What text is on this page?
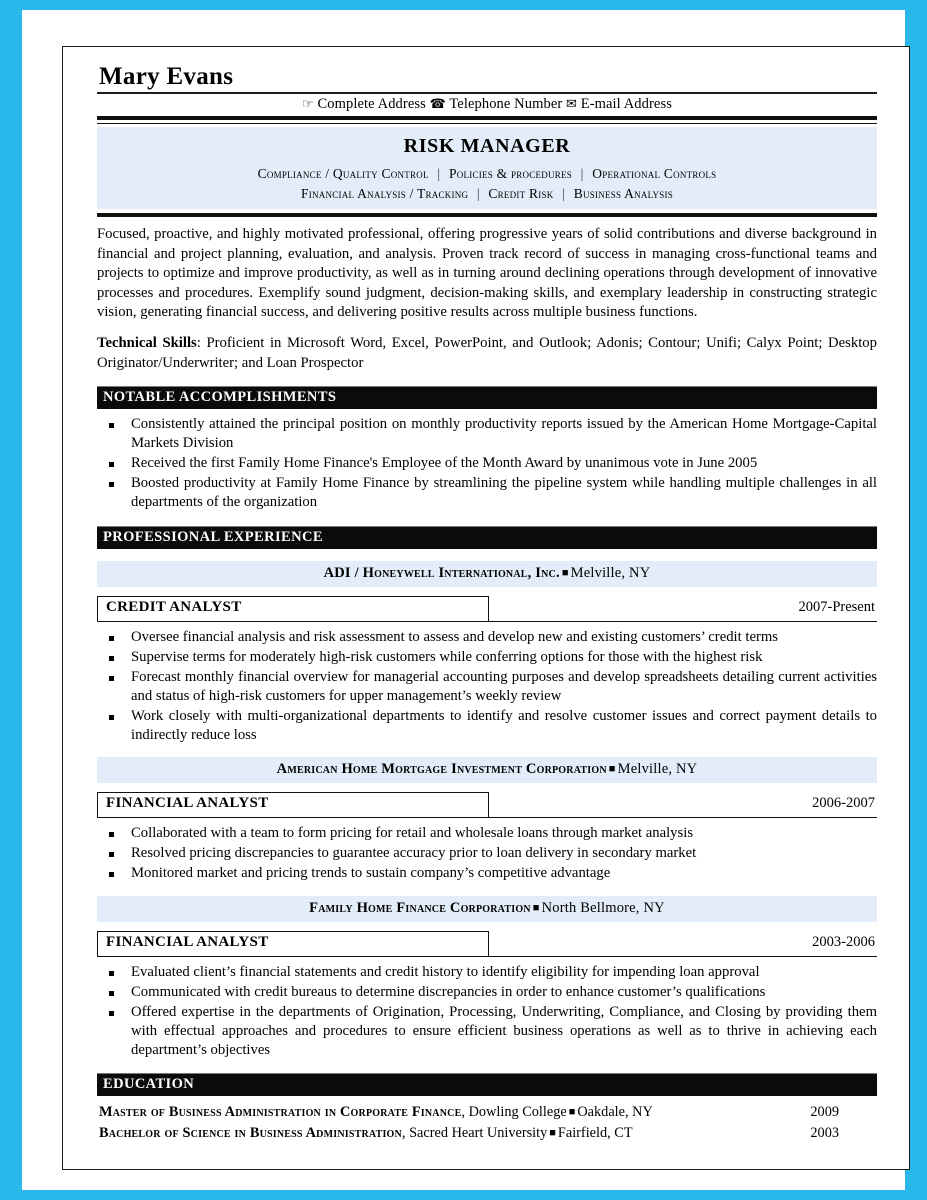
Mary Evans
☞ Complete Address ☎ Telephone Number ✉ E-mail Address
RISK MANAGER
Compliance / Quality Control | Policies & procedures | Operational Controls
Financial Analysis / Tracking | Credit Risk | Business Analysis
Focused, proactive, and highly motivated professional, offering progressive years of solid contributions and diverse background in financial and project planning, evaluation, and analysis. Proven track record of success in managing cross-functional teams and projects to optimize and improve productivity, as well as in turning around declining operations through development of innovative processes and procedures. Exemplify sound judgment, decision-making skills, and exemplary leadership in constructing strategic vision, generating financial success, and delivering positive results across multiple business functions.
Technical Skills: Proficient in Microsoft Word, Excel, PowerPoint, and Outlook; Adonis; Contour; Unifi; Calyx Point; Desktop Originator/Underwriter; and Loan Prospector
NOTABLE ACCOMPLISHMENTS
Consistently attained the principal position on monthly productivity reports issued by the American Home Mortgage-Capital Markets Division
Received the first Family Home Finance's Employee of the Month Award by unanimous vote in June 2005
Boosted productivity at Family Home Finance by streamlining the pipeline system while handling multiple challenges in all departments of the organization
PROFESSIONAL EXPERIENCE
ADI / Honeywell International, Inc. ■ Melville, NY
CREDIT ANALYST	2007-Present
Oversee financial analysis and risk assessment to assess and develop new and existing customers’ credit terms
Supervise terms for moderately high-risk customers while conferring options for those with the highest risk
Forecast monthly financial overview for managerial accounting purposes and develop spreadsheets detailing current activities and status of high-risk customers for upper management’s weekly review
Work closely with multi-organizational departments to identify and resolve customer issues and correct payment details to indirectly reduce loss
American Home Mortgage Investment Corporation ■ Melville, NY
FINANCIAL ANALYST	2006-2007
Collaborated with a team to form pricing for retail and wholesale loans through market analysis
Resolved pricing discrepancies to guarantee accuracy prior to loan delivery in secondary market
Monitored market and pricing trends to sustain company’s competitive advantage
Family Home Finance Corporation ■ North Bellmore, NY
FINANCIAL ANALYST	2003-2006
Evaluated client’s financial statements and credit history to identify eligibility for impending loan approval
Communicated with credit bureaus to determine discrepancies in order to enhance customer’s qualifications
Offered expertise in the departments of Origination, Processing, Underwriting, Compliance, and Closing by providing them with effectual approaches and procedures to ensure efficient business operations as well as to thrive in achieving each department’s objectives
EDUCATION
Master of Business Administration in Corporate Finance, Dowling College ■ Oakdale, NY	2009
Bachelor of Science in Business Administration, Sacred Heart University ■ Fairfield, CT	2003
